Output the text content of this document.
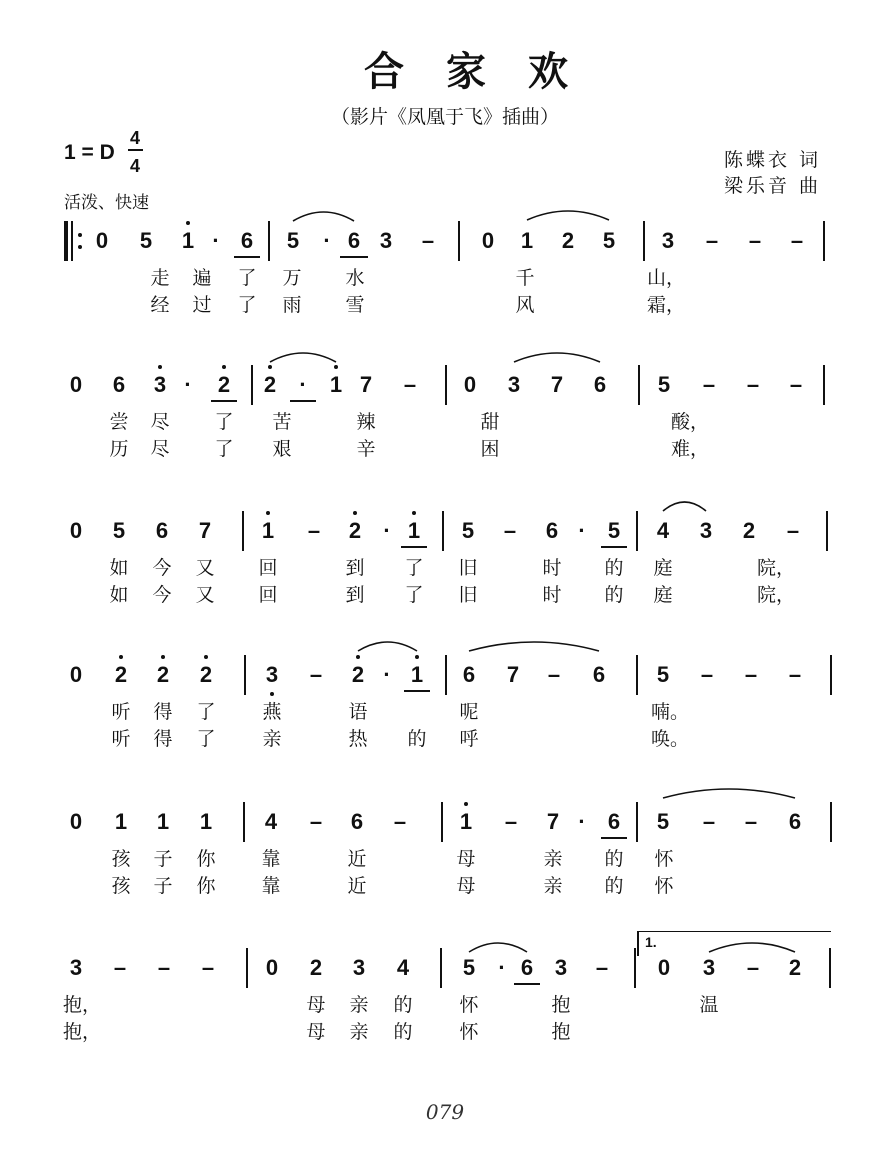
合家欢
（影片《凤凰于飞》插曲）
1 = D
4
4	陈蝶衣 词
梁乐音 曲
活泼、快速
0	5	1 · 6	5	· 6 3	–	0	1	2	5	3	–	–	–
走 遍 了 万 水	千	山，
经 过 了 雨 雪	风	霜，
0	6	3 ·	2	2	·	1 7	–	0	3	7	6	5	–	–	–
尝 尽 了 苦	辣	甜	酸，
历 尽 了 艰	辛	困	难，
0	5	6	7	1	–	2	· 1	5	–	6 ·	5	4	3	2	–
如 今 又 回	到 了 旧	时 的 庭	院，
如 今 又 回	到 了 旧	时 的 庭	院，
0	2	2	2	3	–	2 · 1	6	7	–	6	5	–	–	–
听 得 了 燕	语	呢	喃。
听 得 了 亲	热 的 呼	唤。
0	1	1	1	4	–	6	–	1	–	7 ·	6	5	–	–	6
孩 子 你 靠	近	母	亲 的 怀
孩 子 你 靠	近	母	亲 的 怀
3	–	–	–	0	2	3	4	5	· 6 3	–	0	3	–	2
抱，	母 亲 的 怀	抱	温
抱，	母 亲 的 怀	抱
1.
079
